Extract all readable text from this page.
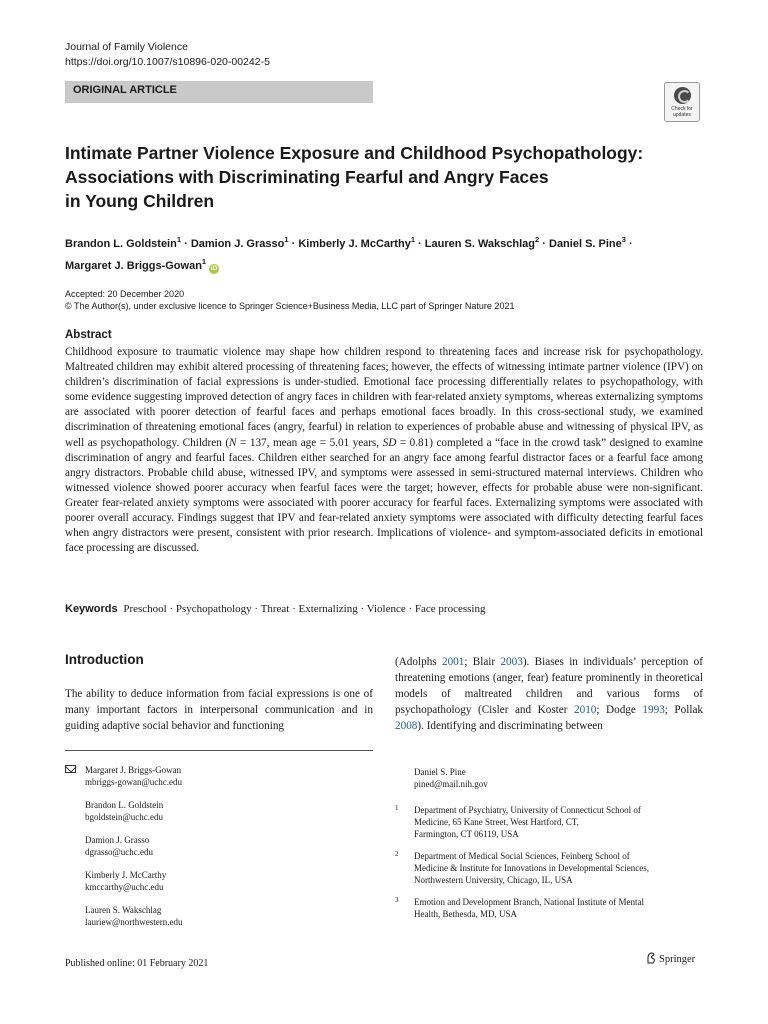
Journal of Family Violence
https://doi.org/10.1007/s10896-020-00242-5
ORIGINAL ARTICLE
Check for updates
Intimate Partner Violence Exposure and Childhood Psychopathology:
Associations with Discriminating Fearful and Angry Faces
in Young Children
Brandon L. Goldstein$^1$ · Damion J. Grasso$^1$ · Kimberly J. McCarthy$^1$ · Lauren S. Wakschlag$^2$ · Daniel S. Pine$^3$ ·
Margaret J. Briggs-Gowan$^1$iD
Accepted: 20 December 2020
© The Author(s), under exclusive licence to Springer Science+Business Media, LLC part of Springer Nature 2021
Abstract
Childhood exposure to traumatic violence may shape how children respond to threatening faces and increase risk for psychopathology. Maltreated children may exhibit altered processing of threatening faces; however, the effects of witnessing intimate partner violence (IPV) on children’s discrimination of facial expressions is under-studied. Emotional face processing differentially relates to psychopathology, with some evidence suggesting improved detection of angry faces in children with fear-related anxiety symptoms, whereas externalizing symptoms are associated with poorer detection of fearful faces and perhaps emotional faces broadly. In this cross-sectional study, we examined discrimination of threatening emotional faces (angry, fearful) in relation to experiences of probable abuse and witnessing of physical IPV, as well as psychopathology. Children (N = 137, mean age = 5.01 years, SD = 0.81) completed a “face in the crowd task” designed to examine discrimination of angry and fearful faces. Children either searched for an angry face among fearful distractor faces or a fearful face among angry distractors. Probable child abuse, witnessed IPV, and symptoms were assessed in semi-structured maternal interviews. Children who witnessed violence showed poorer accuracy when fearful faces were the target; however, effects for probable abuse were non-significant. Greater fear-related anxiety symptoms were associated with poorer accuracy for fearful faces. Externalizing symptoms were associated with poorer overall accuracy. Findings suggest that IPV and fear-related anxiety symptoms were associated with difficulty detecting fearful faces when angry distractors were present, consistent with prior research. Implications of violence- and symptom-associated deficits in emotional face processing are discussed.
Keywords Preschool · Psychopathology · Threat · Externalizing · Violence · Face processing
Introduction
The ability to deduce information from facial expressions is one of many important factors in interpersonal communication and in guiding adaptive social behavior and functioning
(Adolphs 2001; Blair 2003). Biases in individuals’ perception of threatening emotions (anger, fear) feature prominently in theoretical models of maltreated children and various forms of psychopathology (Cisler and Koster 2010; Dodge 1993; Pollak 2008). Identifying and discriminating between
Margaret J. Briggs-Gowan
mbriggs-gowan@uchc.edu
Brandon L. Goldstein
bgoldstein@uchc.edu
Damion J. Grasso
dgrasso@uchc.edu
Kimberly J. McCarthy
kmccarthy@uchc.edu
Lauren S. Wakschlag
lauriew@northwestern.edu
Daniel S. Pine
pined@mail.nih.gov
1 Department of Psychiatry, University of Connecticut School of
Medicine, 65 Kane Street, West Hartford, CT,
Farmington, CT 06119, USA
2 Department of Medical Social Sciences, Feinberg School of
Medicine & Institute for Innovations in Developmental Sciences,
Northwestern University, Chicago, IL, USA
3 Emotion and Development Branch, National Institute of Mental
Health, Bethesda, MD, USA
Published online: 01 February 2021	Springer
